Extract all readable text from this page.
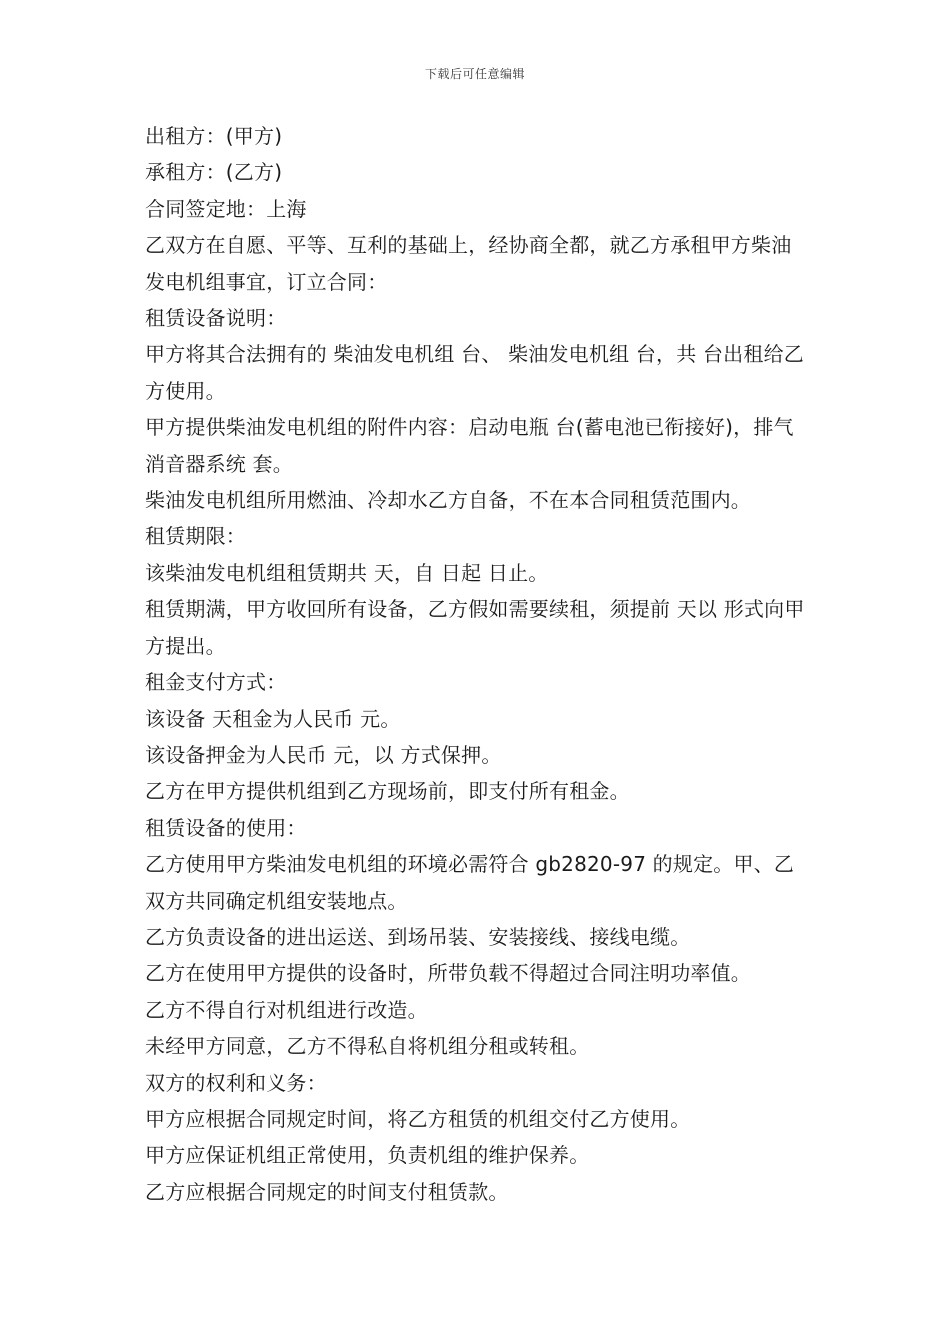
下载后可任意编辑

出租方：(甲方)

承租方：(乙方)

合同签定地：上海

乙双方在自愿、平等、互利的基础上，经协商全都，就乙方承租甲方柴油发电机组事宜，订立合同：

租赁设备说明：

甲方将其合法拥有的 柴油发电机组 台、 柴油发电机组 台，共 台出租给乙方使用。

甲方提供柴油发电机组的附件内容：启动电瓶 台(蓄电池已衔接好)，排气消音器系统 套。

柴油发电机组所用燃油、冷却水乙方自备，不在本合同租赁范围内。

租赁期限：

该柴油发电机组租赁期共 天，自 日起 日止。

租赁期满，甲方收回所有设备，乙方假如需要续租，须提前 天以 形式向甲方提出。

租金支付方式：

该设备 天租金为人民币 元。

该设备押金为人民币 元，以 方式保押。

乙方在甲方提供机组到乙方现场前，即支付所有租金。

租赁设备的使用：

乙方使用甲方柴油发电机组的环境必需符合 gb2820-97 的规定。甲、乙双方共同确定机组安装地点。

乙方负责设备的进出运送、到场吊装、安装接线、接线电缆。

乙方在使用甲方提供的设备时，所带负载不得超过合同注明功率值。

乙方不得自行对机组进行改造。

未经甲方同意，乙方不得私自将机组分租或转租。

双方的权利和义务：

甲方应根据合同规定时间，将乙方租赁的机组交付乙方使用。

甲方应保证机组正常使用，负责机组的维护保养。

乙方应根据合同规定的时间支付租赁款。
